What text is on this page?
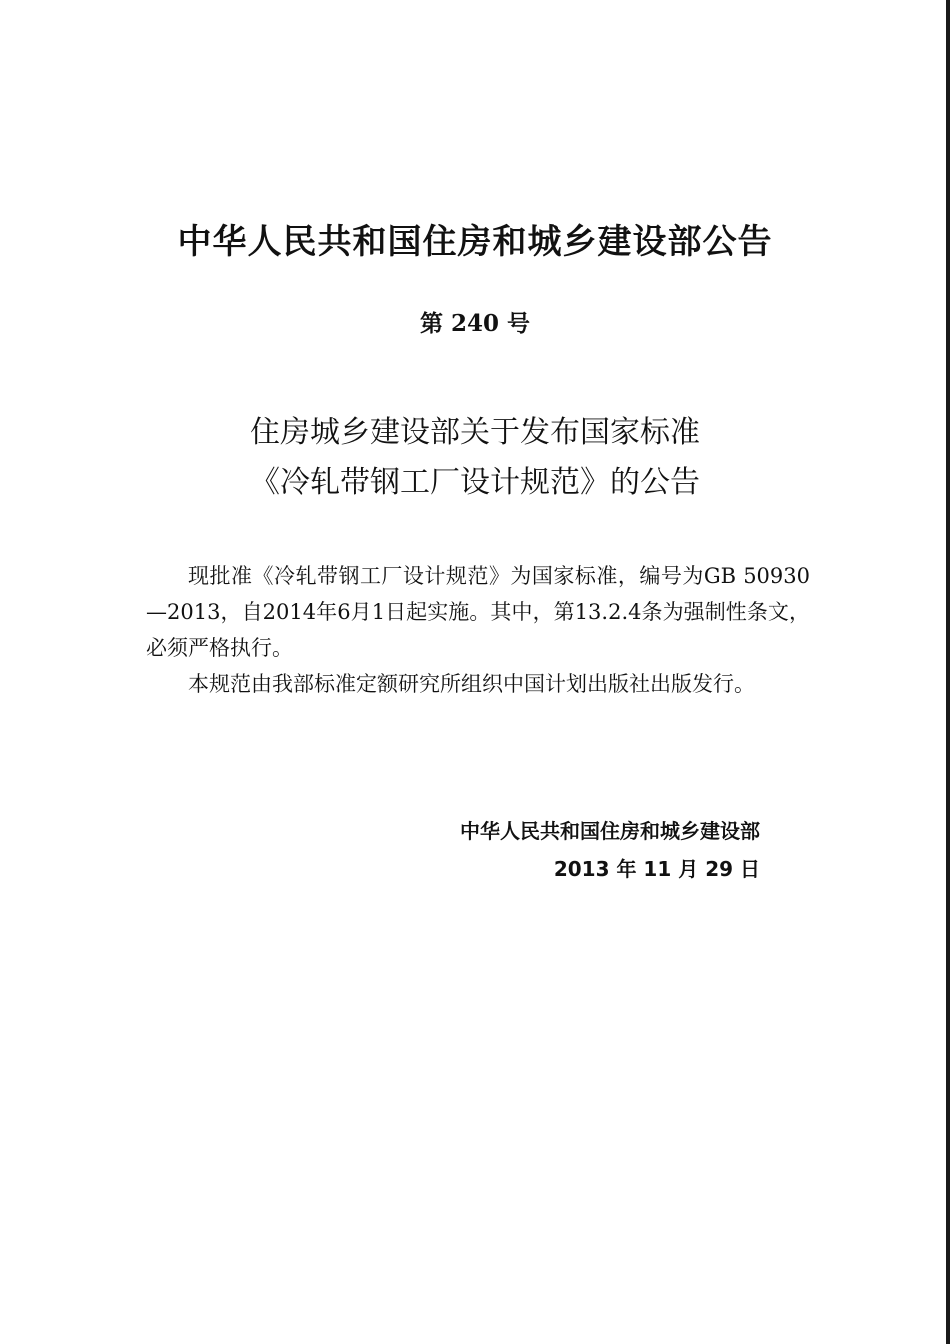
中华人民共和国住房和城乡建设部公告
第 240 号
住房城乡建设部关于发布国家标准
《冷轧带钢工厂设计规范》的公告

现批准《冷轧带钢工厂设计规范》为国家标准，编号为GB 50930—2013，自2014年6月1日起实施。其中，第13.2.4条为强制性条文，必须严格执行。

本规范由我部标准定额研究所组织中国计划出版社出版发行。

中华人民共和国住房和城乡建设部
2013 年 11 月 29 日
